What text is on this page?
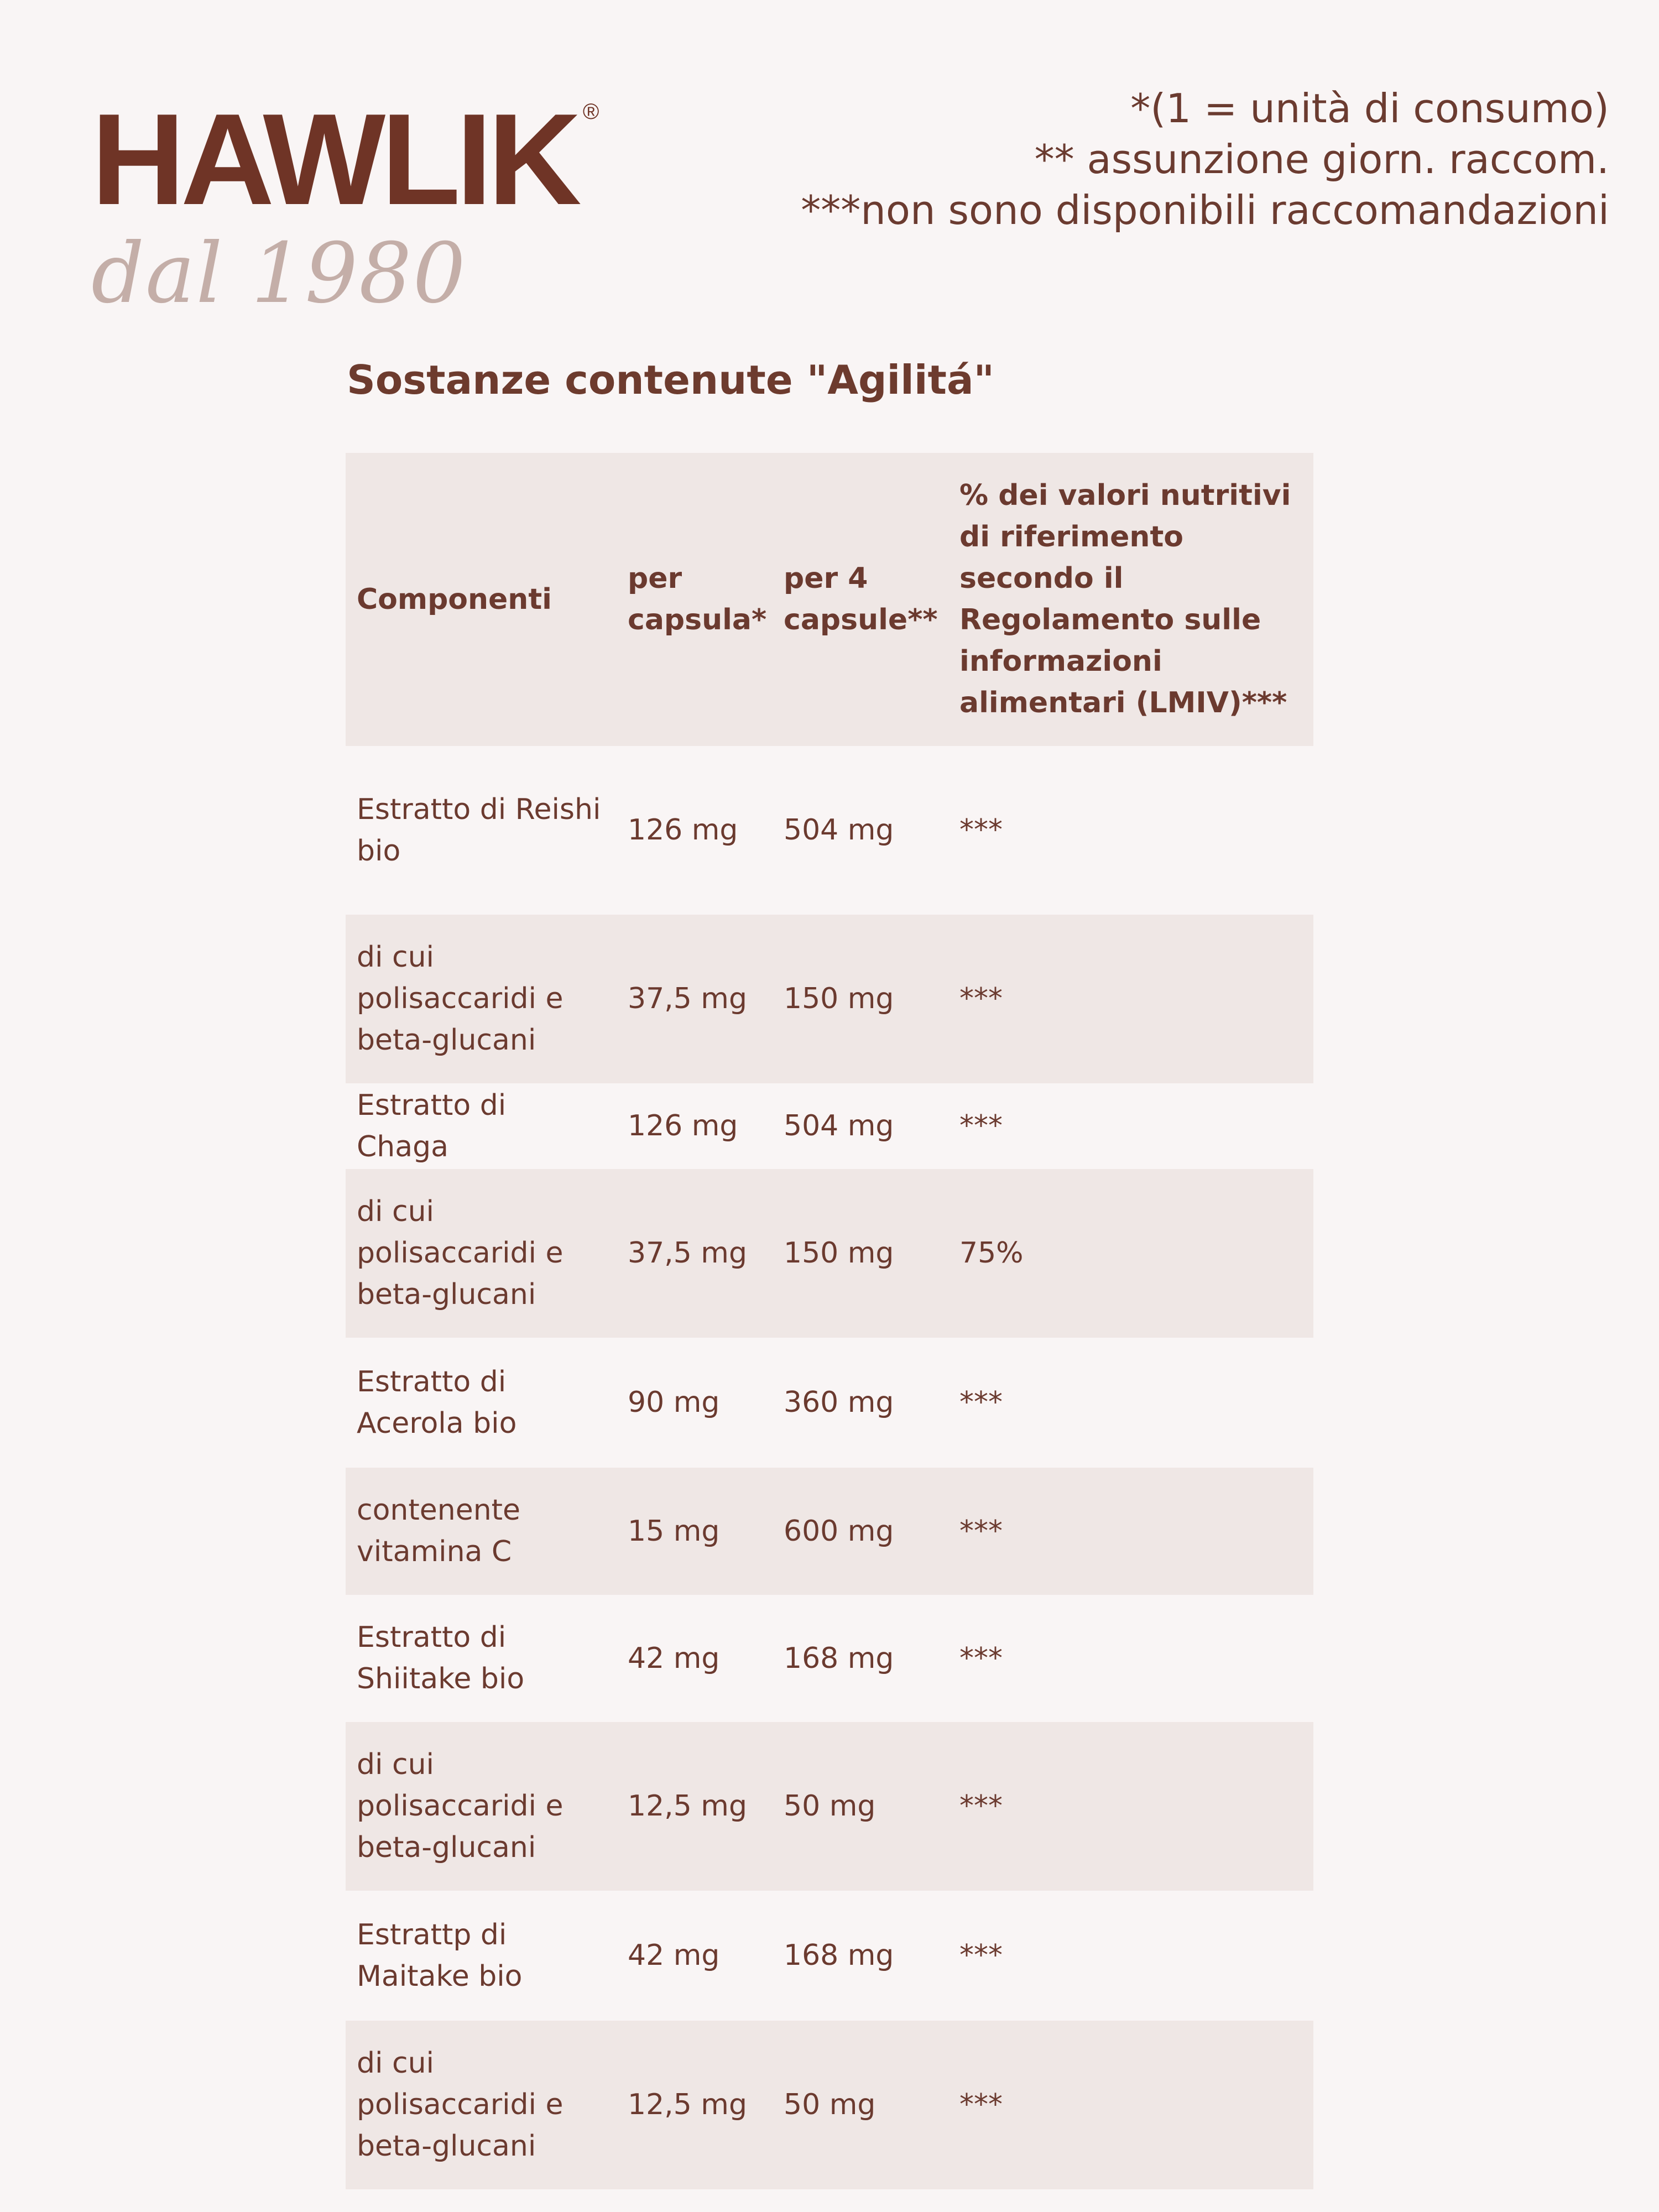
HAWLIK ®
dal 1980
*(1 = unità di consumo)
** assunzione giorn. raccom.
***non sono disponibili raccomandazioni
Sostanze contenute "Agilitá"
Componenti	per capsula*	per 4 capsule**	% dei valori nutritivi di riferimento secondo il Regolamento sulle informazioni alimentari (LMIV)***
Estratto di Reishi bio	126 mg	504 mg	***
di cui polisaccaridi e beta-glucani	37,5 mg	150 mg	***
Estratto di Chaga	126 mg	504 mg	***
di cui polisaccaridi e beta-glucani	37,5 mg	150 mg	75%
Estratto di Acerola bio	90 mg	360 mg	***
contenente vitamina C	15 mg	600 mg	***
Estratto di Shiitake bio	42 mg	168 mg	***
di cui polisaccaridi e beta-glucani	12,5 mg	50 mg	***
Estrattp di Maitake bio	42 mg	168 mg	***
di cui polisaccaridi e beta-glucani	12,5 mg	50 mg	***
